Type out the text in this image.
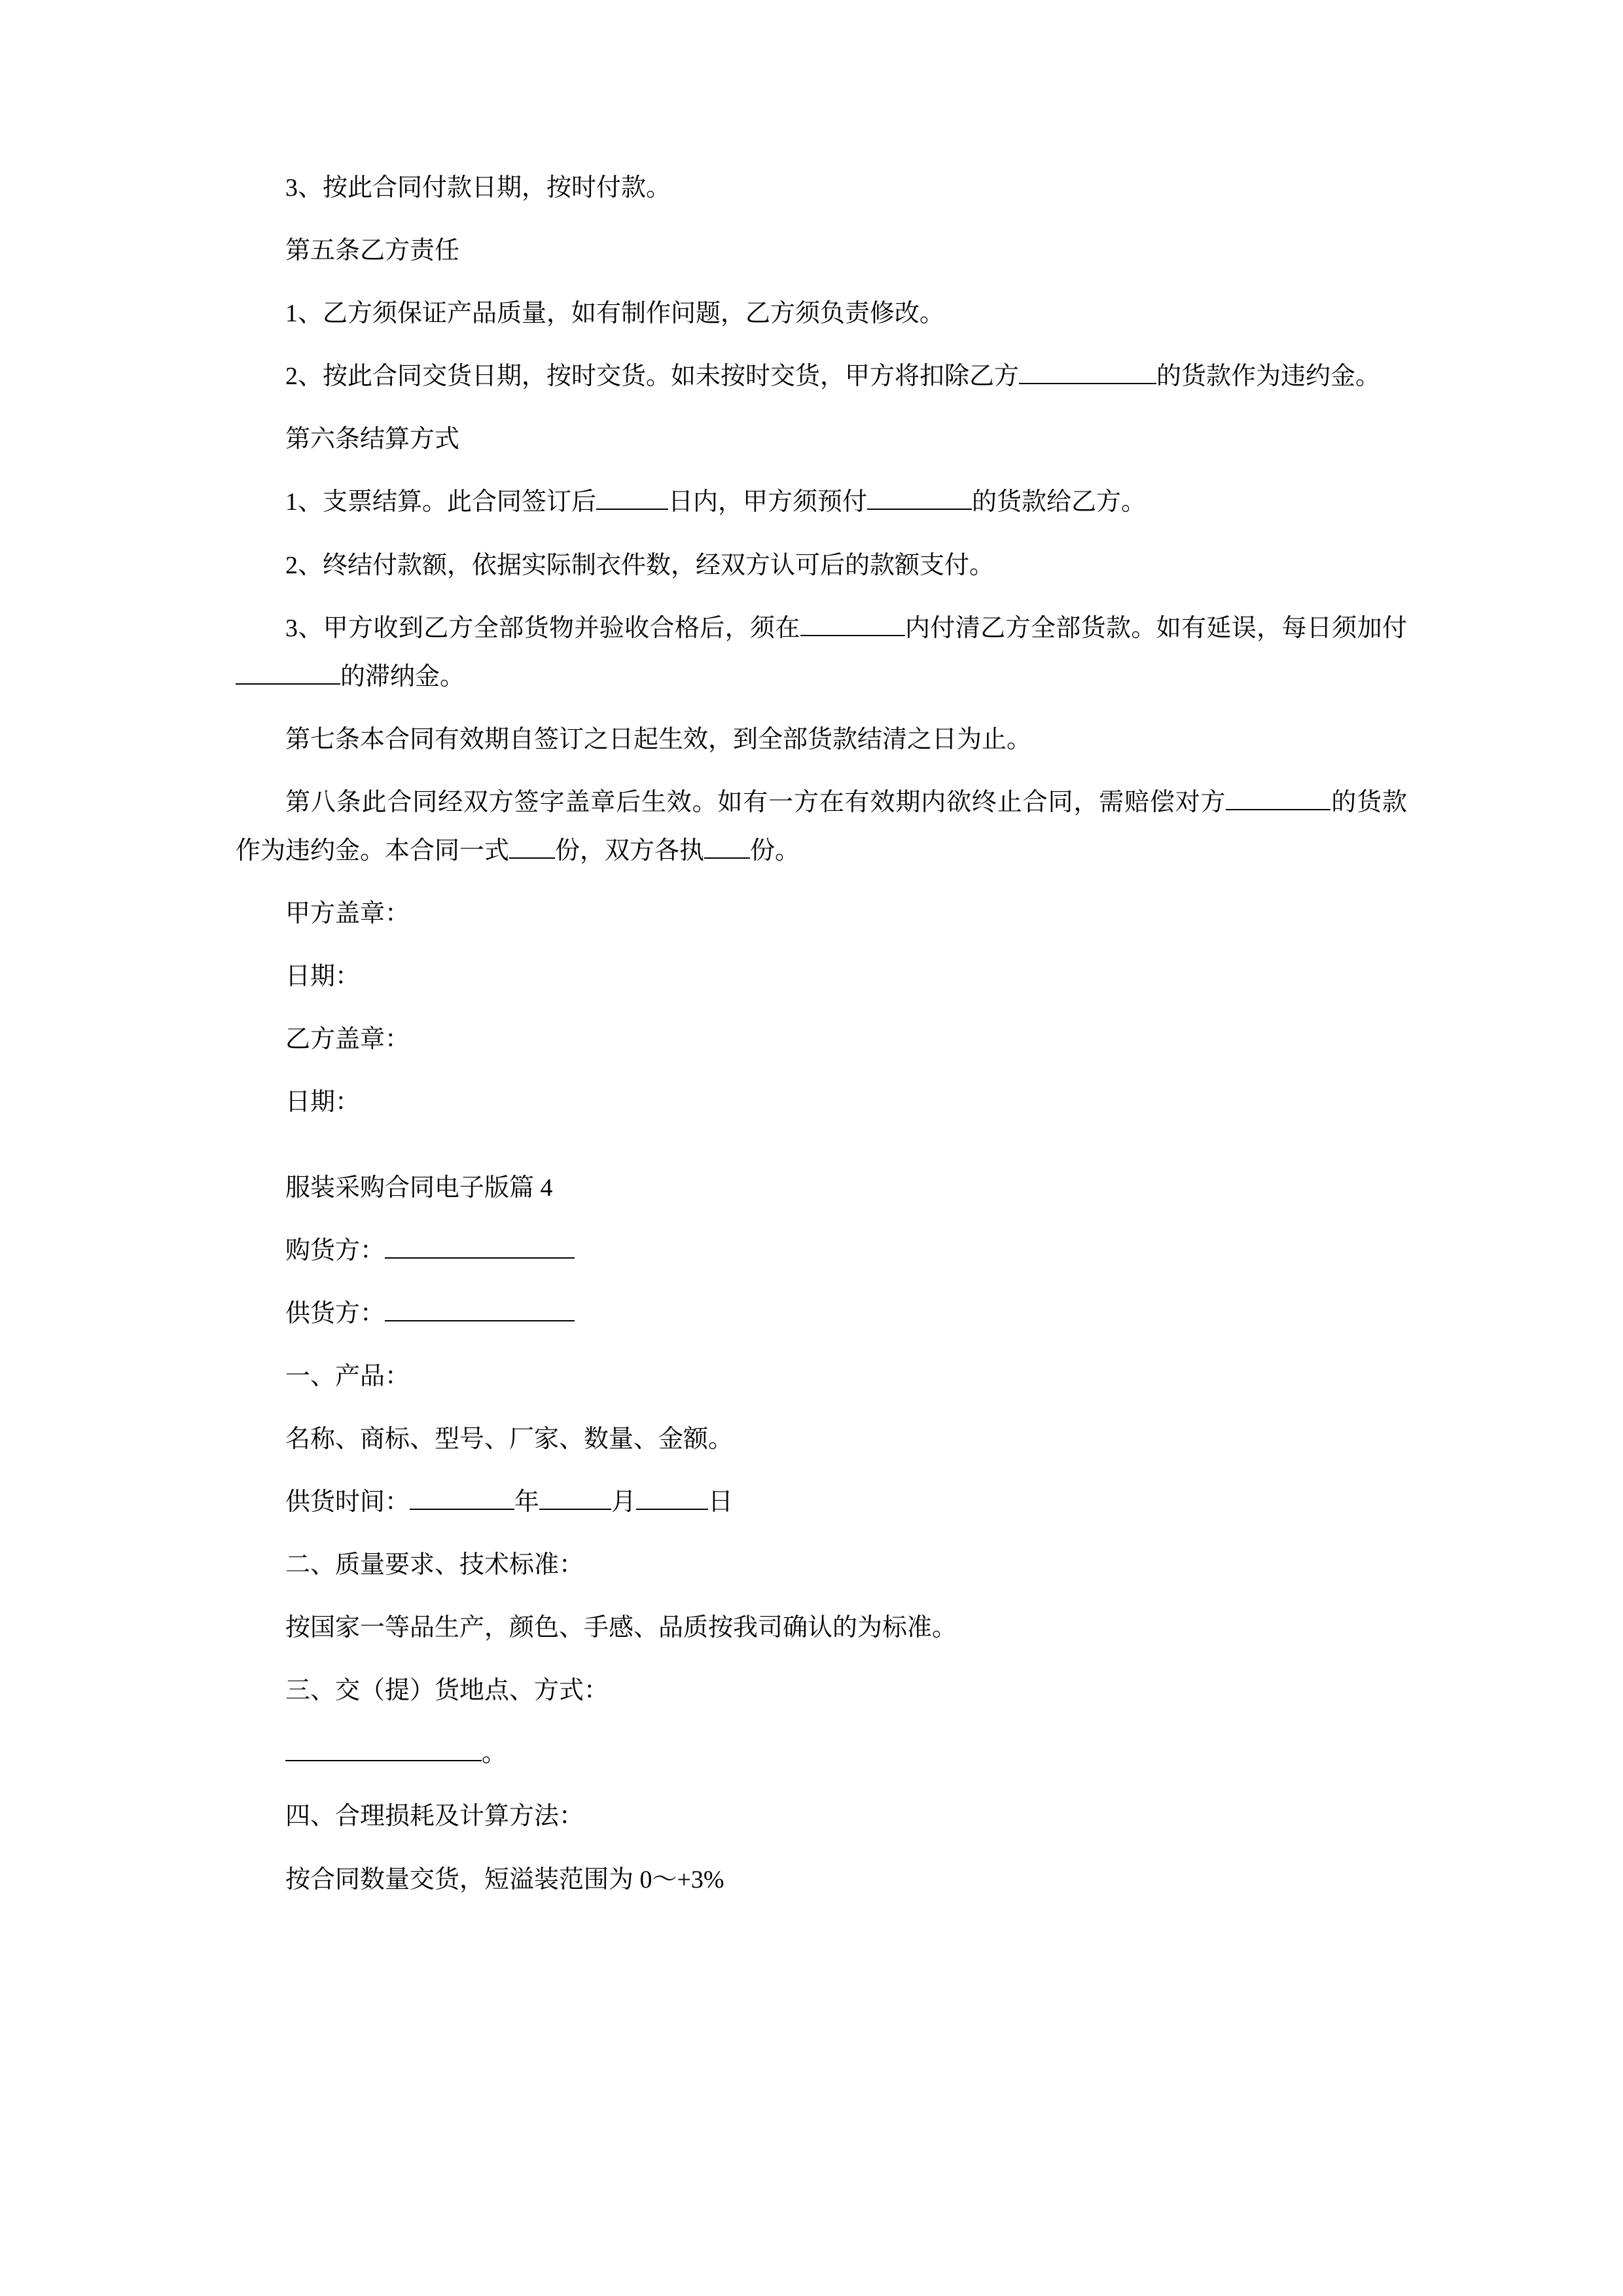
3、按此合同付款日期，按时付款。

第五条乙方责任

1、乙方须保证产品质量，如有制作问题，乙方须负责修改。

2、按此合同交货日期，按时交货。如未按时交货，甲方将扣除乙方	的货款作为违约金。

第六条结算方式

1、支票结算。此合同签订后	日内，甲方须预付	的货款给乙方。

2、终结付款额，依据实际制衣件数，经双方认可后的款额支付。

3、甲方收到乙方全部货物并验收合格后，须在	内付清乙方全部货款。如有延误，每日须加付的滞纳金。

第七条本合同有效期自签订之日起生效，到全部货款结清之日为止。

第八条此合同经双方签字盖章后生效。如有一方在有效期内欲终止合同，需赔偿对方	的货款作为违约金。本合同一式 份，双方各执 份。

甲方盖章：

日期：

乙方盖章：

日期：

服装采购合同电子版篇 4

购货方：

供货方：

一、产品：

名称、商标、型号、厂家、数量、金额。

供货时间：	年	月	日

二、质量要求、技术标准：

按国家一等品生产，颜色、手感、品质按我司确认的为标准。

三、交（提）货地点、方式：

。

四、合理损耗及计算方法：

按合同数量交货，短溢装范围为 0～+3%
